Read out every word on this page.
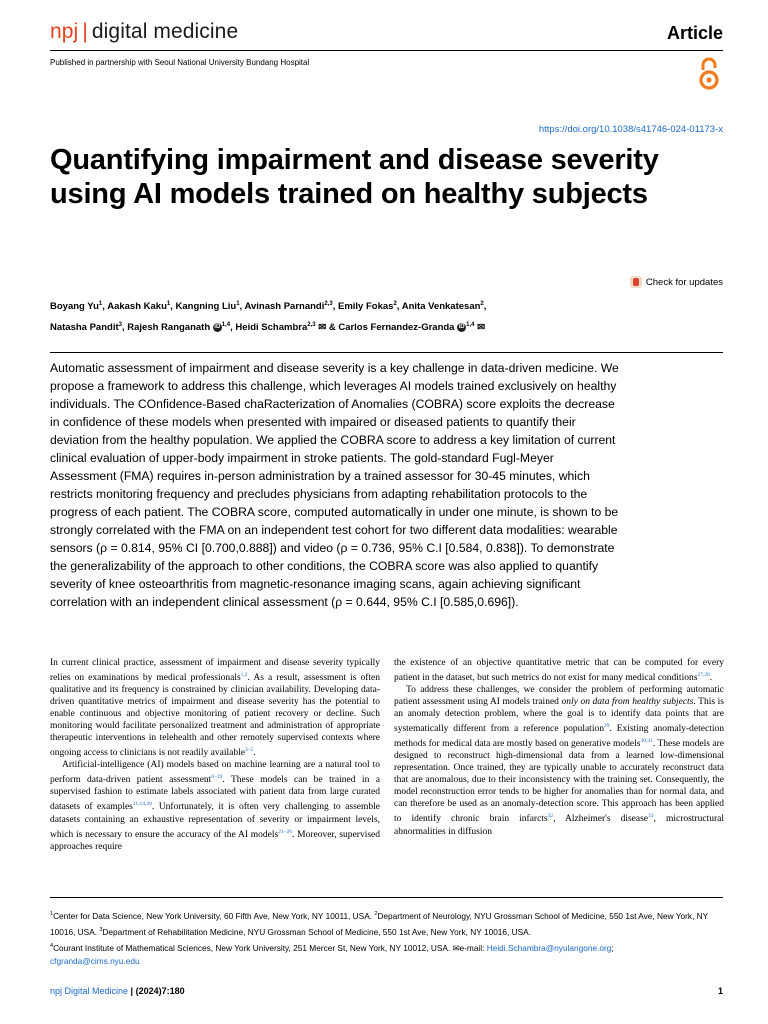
npj | digital medicine	Article
Published in partnership with Seoul National University Bundang Hospital
https://doi.org/10.1038/s41746-024-01173-x
Quantifying impairment and disease severity using AI models trained on healthy subjects
Check for updates
Boyang Yu$^1$, Aakash Kaku$^1$, Kangning Liu$^1$, Avinash Parnandi$^{2,3}$, Emily Fokas$^2$, Anita Venkatesan$^2$,
Natasha Pandit$^3$, Rajesh Ranganath iD $^{1,4}$, Heidi Schambra$^{2,3}$ ✉ & Carlos Fernandez-Granda iD $^{1,4}$ ✉
Automatic assessment of impairment and disease severity is a key challenge in data-driven medicine. We propose a framework to address this challenge, which leverages AI models trained exclusively on healthy individuals. The COnfidence-Based chaRacterization of Anomalies (COBRA) score exploits the decrease in confidence of these models when presented with impaired or diseased patients to quantify their deviation from the healthy population. We applied the COBRA score to address a key limitation of current clinical evaluation of upper-body impairment in stroke patients. The gold-standard Fugl-Meyer Assessment (FMA) requires in-person administration by a trained assessor for 30-45 minutes, which restricts monitoring frequency and precludes physicians from adapting rehabilitation protocols to the progress of each patient. The COBRA score, computed automatically in under one minute, is shown to be strongly correlated with the FMA on an independent test cohort for two different data modalities: wearable sensors (ρ = 0.814, 95% CI [0.700,0.888]) and video (ρ = 0.736, 95% C.I [0.584, 0.838]). To demonstrate the generalizability of the approach to other conditions, the COBRA score was also applied to quantify severity of knee osteoarthritis from magnetic-resonance imaging scans, again achieving significant correlation with an independent clinical assessment (ρ = 0.644, 95% C.I [0.585,0.696]).

In current clinical practice, assessment of impairment and disease severity typically relies on examinations by medical professionals$^{1,2}$. As a result, assessment is often qualitative and its frequency is constrained by clinician availability. Developing data-driven quantitative metrics of impairment and disease severity has the potential to enable continuous and objective monitoring of patient recovery or decline. Such monitoring would facilitate personalized treatment and administration of appropriate therapeutic interventions in telehealth and other remotely supervised contexts where ongoing access to clinicians is not readily available$^{3-5}$.

Artificial-intelligence (AI) models based on machine learning are a natural tool to perform data-driven patient assessment$^{6-19}$. These models can be trained in a supervised fashion to estimate labels associated with patient data from large curated datasets of examples$^{11,14,20}$. Unfortunately, it is often very challenging to assemble datasets containing an exhaustive representation of severity or impairment levels, which is necessary to ensure the accuracy of the AI models$^{21-26}$. Moreover, supervised approaches require

the existence of an objective quantitative metric that can be computed for every patient in the dataset, but such metrics do not exist for many medical conditions$^{27,28}$.

To address these challenges, we consider the problem of performing automatic patient assessment using AI models trained only on data from healthy subjects. This is an anomaly detection problem, where the goal is to identify data points that are systematically different from a reference population$^{29}$. Existing anomaly-detection methods for medical data are mostly based on generative models$^{30,31}$. These models are designed to reconstruct high-dimensional data from a learned low-dimensional representation. Once trained, they are typically unable to accurately reconstruct data that are anomalous, due to their inconsistency with the training set. Consequently, the model reconstruction error tends to be higher for anomalies than for normal data, and can therefore be used as an anomaly-detection score. This approach has been applied to identify chronic brain infarcts$^{32}$, Alzheimer's disease$^{33}$, microstructural abnormalities in diffusion

$^1$Center for Data Science, New York University, 60 Fifth Ave, New York, NY 10011, USA. $^2$Department of Neurology, NYU Grossman School of Medicine, 550 1st Ave, New York, NY 10016, USA. $^3$Department of Rehabilitation Medicine, NYU Grossman School of Medicine, 550 1st Ave, New York, NY 10016, USA.
$^4$Courant Institute of Mathematical Sciences, New York University, 251 Mercer St, New York, NY 10012, USA. ✉e-mail: Heidi.Schambra@nyulangone.org;
cfgranda@cims.nyu.edu
npj Digital Medicine | (2024)7:180	1
